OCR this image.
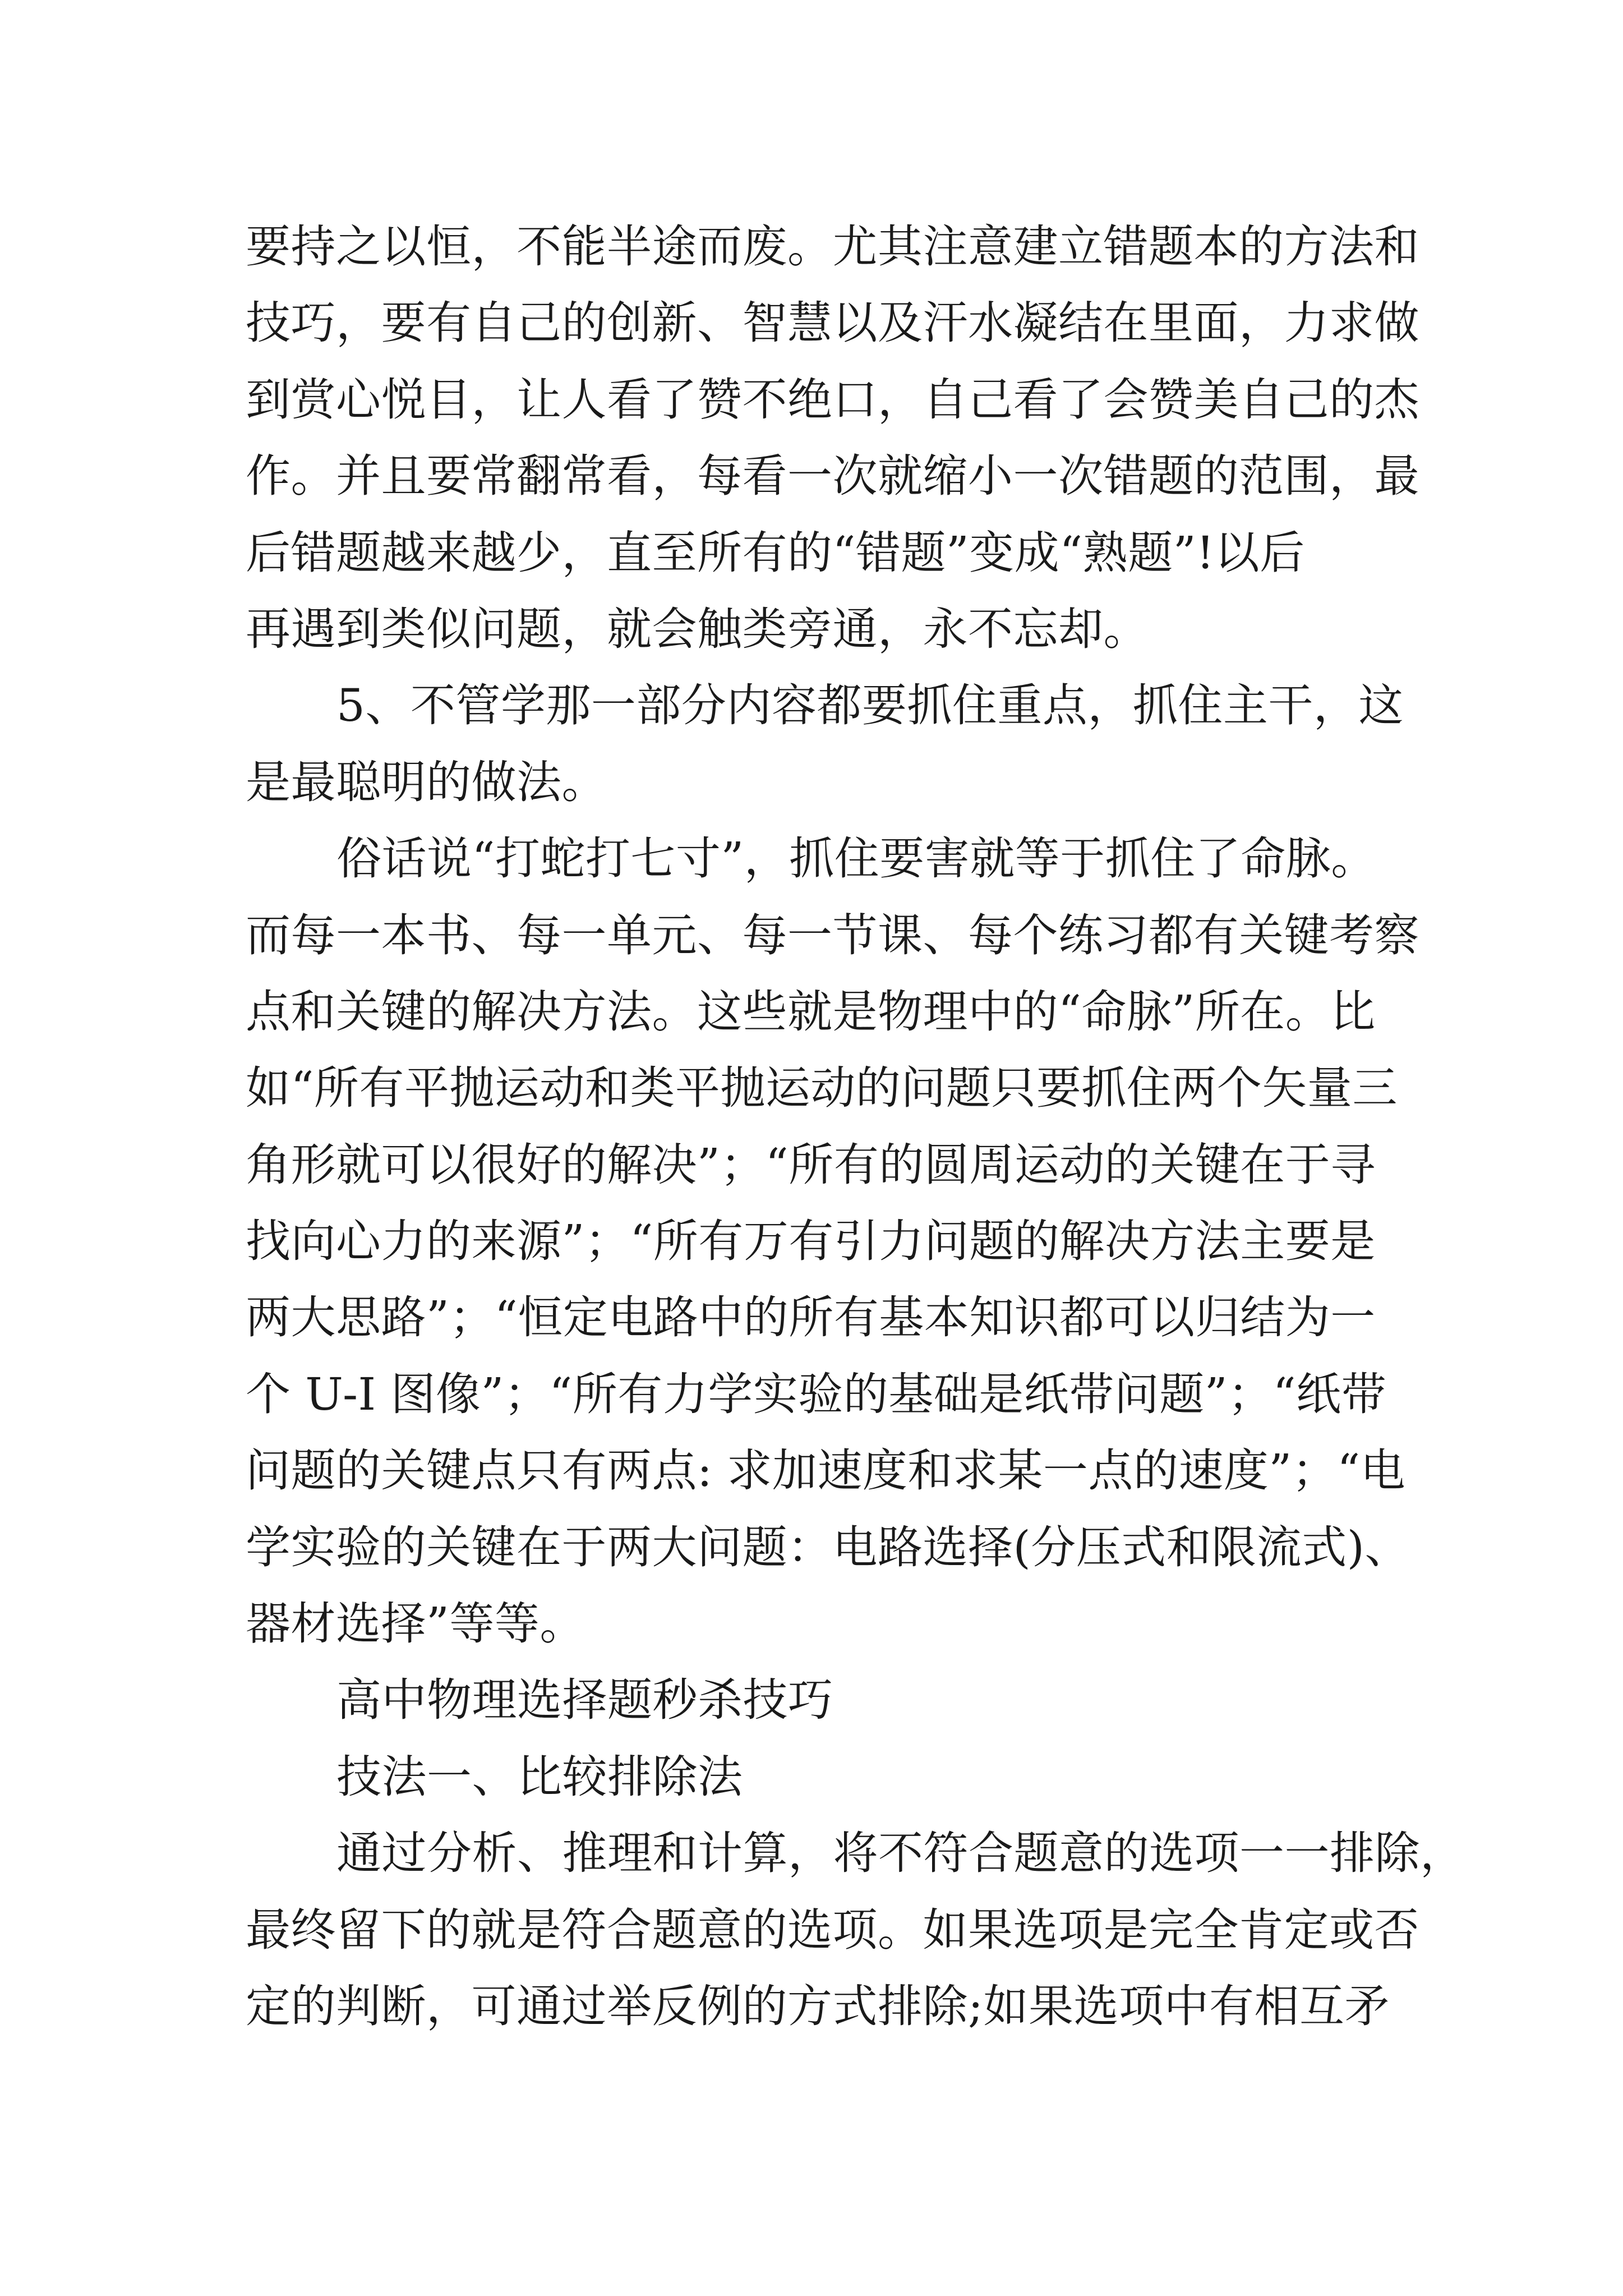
要持之以恒，不能半途而废。尤其注意建立错题本的方法和
技巧，要有自己的创新、智慧以及汗水凝结在里面，力求做
到赏心悦目，让人看了赞不绝口，自己看了会赞美自己的杰
作。并且要常翻常看，每看一次就缩小一次错题的范围，最
后错题越来越少，直至所有的“错题”变成“熟题”!以后
再遇到类似问题，就会触类旁通，永不忘却。
5、不管学那一部分内容都要抓住重点，抓住主干，这
是最聪明的做法。
俗话说“打蛇打七寸”，抓住要害就等于抓住了命脉。
而每一本书、每一单元、每一节课、每个练习都有关键考察
点和关键的解决方法。这些就是物理中的“命脉”所在。比
如“所有平抛运动和类平抛运动的问题只要抓住两个矢量三
角形就可以很好的解决”；“所有的圆周运动的关键在于寻
找向心力的来源”；“所有万有引力问题的解决方法主要是
两大思路”；“恒定电路中的所有基本知识都可以归结为一
个 U-I 图像”；“所有力学实验的基础是纸带问题”；“纸带
问题的关键点只有两点: 求加速度和求某一点的速度”；“电
学实验的关键在于两大问题：电路选择(分压式和限流式)、
器材选择”等等。
高中物理选择题秒杀技巧
技法一、比较排除法
通过分析、推理和计算，将不符合题意的选项一一排除，
最终留下的就是符合题意的选项。如果选项是完全肯定或否
定的判断，可通过举反例的方式排除;如果选项中有相互矛
